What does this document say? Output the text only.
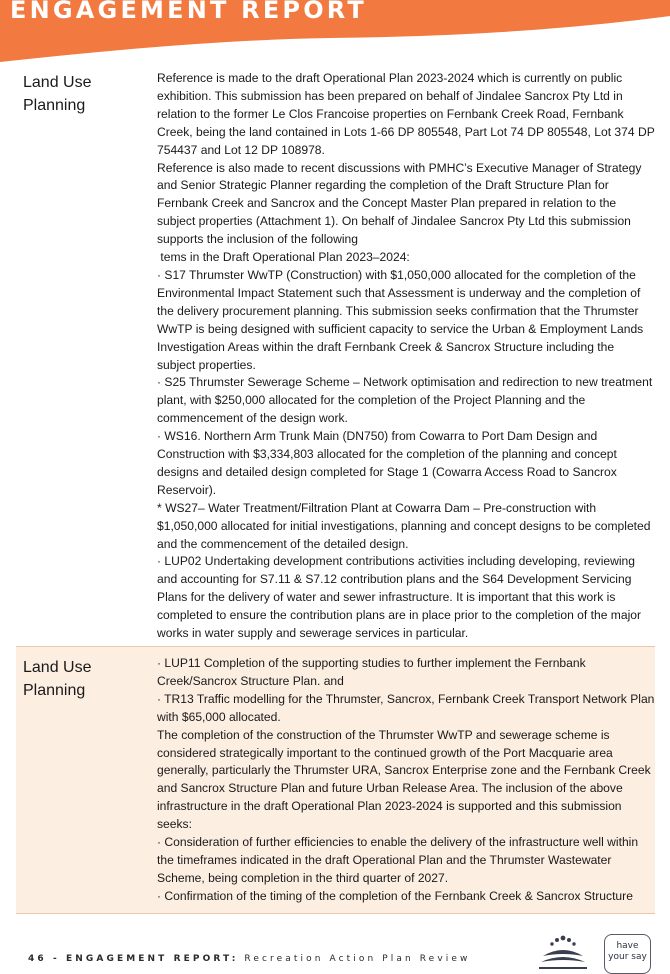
ENGAGEMENT REPORT
Land Use
Planning

Reference is made to the draft Operational Plan 2023-2024 which is currently on public exhibition. This submission has been prepared on behalf of Jindalee Sancrox Pty Ltd in relation to the former Le Clos Francoise properties on Fernbank Creek Road, Fernbank Creek, being the land contained in Lots 1-66 DP 805548, Part Lot 74 DP 805548, Lot 374 DP 754437 and Lot 12 DP 108978.

Reference is also made to recent discussions with PMHC’s Executive Manager of Strategy and Senior Strategic Planner regarding the completion of the Draft Structure Plan for Fernbank Creek and Sancrox and the Concept Master Plan prepared in relation to the subject properties (Attachment 1). On behalf of Jindalee Sancrox Pty Ltd this submission supports the inclusion of the following

tems in the Draft Operational Plan 2023–2024:

· S17 Thrumster WwTP (Construction) with $1,050,000 allocated for the completion of the Environmental Impact Statement such that Assessment is underway and the completion of the delivery procurement planning. This submission seeks confirmation that the Thrumster WwTP is being designed with sufficient capacity to service the Urban & Employment Lands Investigation Areas within the draft Fernbank Creek & Sancrox Structure including the subject properties.

· S25 Thrumster Sewerage Scheme – Network optimisation and redirection to new treatment plant, with $250,000 allocated for the completion of the Project Planning and the commencement of the design work.

· WS16. Northern Arm Trunk Main (DN750) from Cowarra to Port Dam Design and Construction with $3,334,803 allocated for the completion of the planning and concept designs and detailed design completed for Stage 1 (Cowarra Access Road to Sancrox Reservoir).

* WS27– Water Treatment/Filtration Plant at Cowarra Dam – Pre-construction with $1,050,000 allocated for initial investigations, planning and concept designs to be completed and the commencement of the detailed design.

· LUP02 Undertaking development contributions activities including developing, reviewing and accounting for S7.11 & S7.12 contribution plans and the S64 Development Servicing Plans for the delivery of water and sewer infrastructure. It is important that this work is completed to ensure the contribution plans are in place prior to the completion of the major works in water supply and sewerage services in particular.

Land Use
Planning

· LUP11 Completion of the supporting studies to further implement the Fernbank Creek/Sancrox Structure Plan. and

· TR13 Traffic modelling for the Thrumster, Sancrox, Fernbank Creek Transport Network Plan with $65,000 allocated.

The completion of the construction of the Thrumster WwTP and sewerage scheme is considered strategically important to the continued growth of the Port Macquarie area generally, particularly the Thrumster URA, Sancrox Enterprise zone and the Fernbank Creek and Sancrox Structure Plan and future Urban Release Area. The inclusion of the above infrastructure in the draft Operational Plan 2023-2024 is supported and this submission seeks:

· Consideration of further efficiencies to enable the delivery of the infrastructure well within the timeframes indicated in the draft Operational Plan and the Thrumster Wastewater Scheme, being completion in the third quarter of 2027.

· Confirmation of the timing of the completion of the Fernbank Creek & Sancrox Structure

46 - ENGAGEMENT REPORT: Recreation Action Plan Review
have
your say
